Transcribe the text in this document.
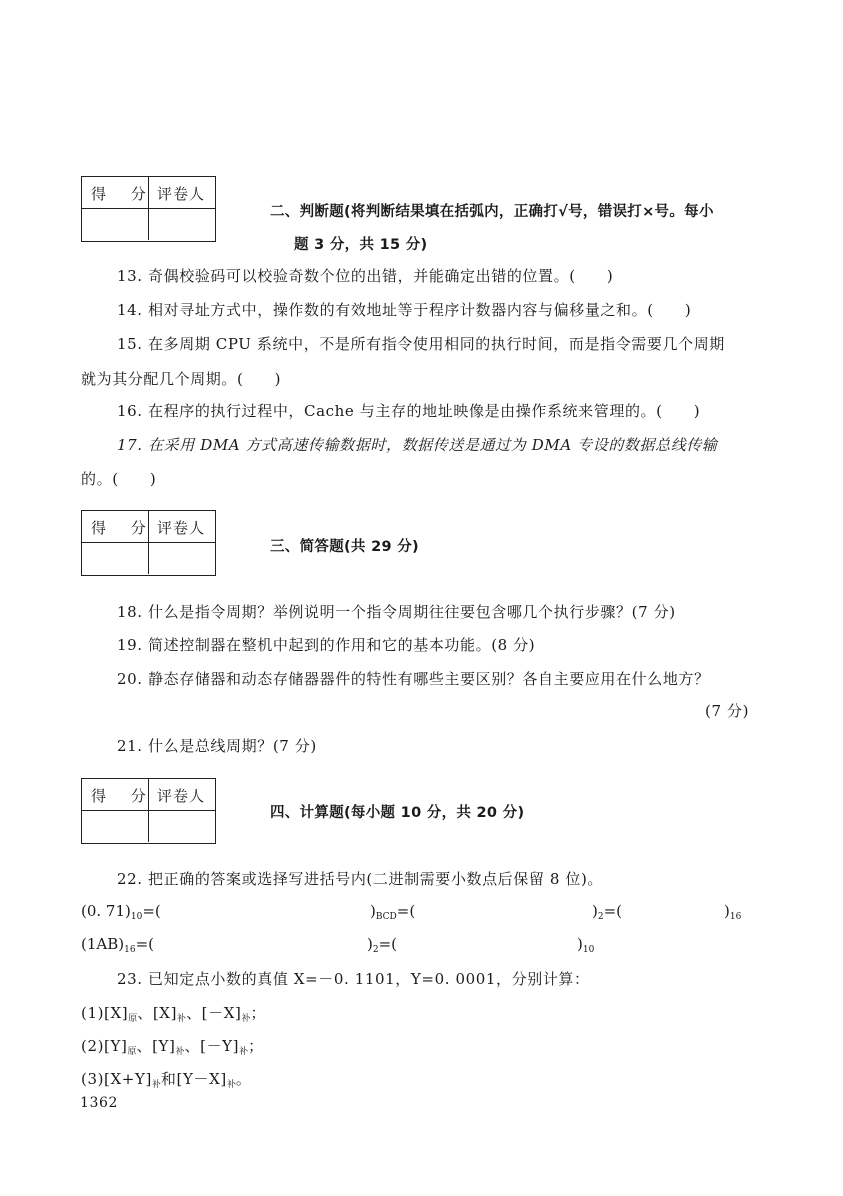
得 分 评卷人
二、判断题(将判断结果填在括弧内，正确打√号，错误打×号。每小
题 3 分，共 15 分)
13. 奇偶校验码可以校验奇数个位的出错，并能确定出错的位置。(　　)
14. 相对寻址方式中，操作数的有效地址等于程序计数器内容与偏移量之和。(　　)
15. 在多周期 CPU 系统中，不是所有指令使用相同的执行时间，而是指令需要几个周期
就为其分配几个周期。(　　)
16. 在程序的执行过程中，Cache 与主存的地址映像是由操作系统来管理的。(　　)
17. 在采用 DMA 方式高速传输数据时，数据传送是通过为 DMA 专设的数据总线传输
的。(　　)
得 分 评卷人
三、简答题(共 29 分)
18. 什么是指令周期？举例说明一个指令周期往往要包含哪几个执行步骤？(7 分)
19. 简述控制器在整机中起到的作用和它的基本功能。(8 分)
20. 静态存储器和动态存储器器件的特性有哪些主要区别？各自主要应用在什么地方？
(7 分)
21. 什么是总线周期？(7 分)
得 分 评卷人
四、计算题(每小题 10 分，共 20 分)
22. 把正确的答案或选择写进括号内(二进制需要小数点后保留 8 位)。
(0. $71)_{10}=$(	)$_{BCD}=$(	)$_2=$(	)$_{16}$
$(1AB)_{16}=$(	)$_2=$(	)$_{10}$
23. 已知定点小数的真值 X=－0. 1101，Y=0. 0001，分别计算：
$(1)[X]_原$、$[X]_补$、$[-X]_补$；
$(2)[Y]_原$、$[Y]_补$、$[-Y]_补$；
$(3)[X+Y]_补$和$[Y-X]_补$。
1362
